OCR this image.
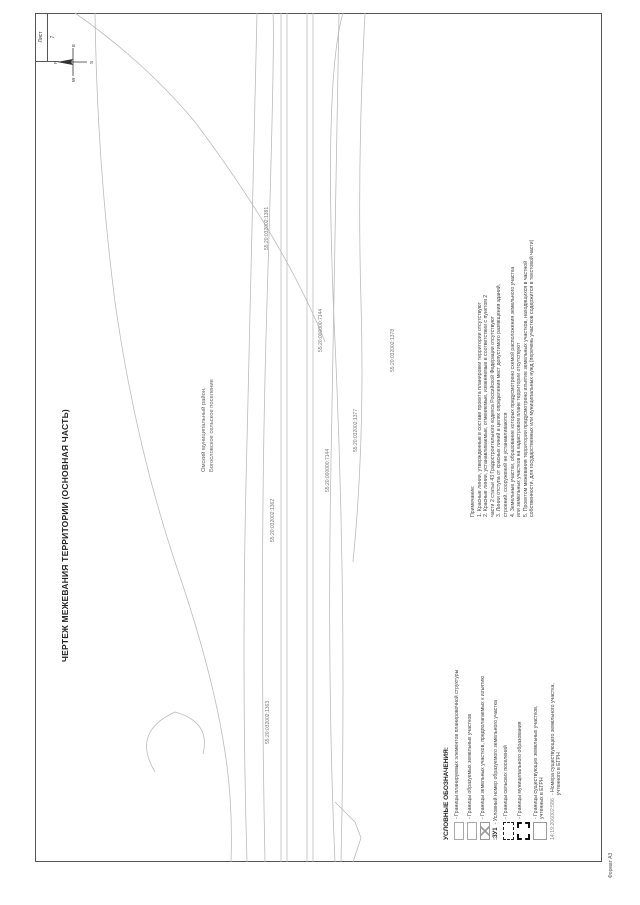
ЧЕРТЕЖ МЕЖЕВАНИЯ ТЕРРИТОРИИ (ОСНОВНАЯ ЧАСТЬ)
N	S
E
W
Лист	7
55:20:032002:1381
55:20:000000:7144	55:20:032002:1378
55:20:032002:1377
55:20:000000:7144
55:20:032002:1362
55:20:032002:1363
Омский муниципальный район, Богословское сельское поселение
УСЛОВНЫЕ ОБОЗНАЧЕНИЯ: - Границы планируемых элементов планировочной структуры - Границы образуемых земельных участков - Границы земельных участков, предполагаемых к изъятию
:ЗУ1
- Условный номер образуемого земельного участка - Границы сельских поселений - Границы муниципального образования - Границы существующих земельных участков,
учтенных в ЕГРН 14:19:206002:586
- Номера существующего земельного участка,
учтенного в ЕГРН
Примечание: 1. Красные линии, утвержденные в составе проекта планировки территории отсутствуют 2. Красные линии, устанавливаемые, отменяемые, изменяемые в соответствии с пунктом 2 части 2 статьи 43 Градостроительного кодекса Российской Федерации отсутствуют 3. Линии отступа от красных линий в целях определения мест допустимого размещения зданий, строений, сооружений не устанавливаются 4. Земельные участки, образование которых предусмотрено схемой расположения земельного участка или земельных участков на кадастровом плане территории отсутствуют 5. Проектом межевания территории предусмотрено изъятие земельных участков, находящихся в частной собственности, для государственных или муниципальных нужд (перечень участков содержится в текстовой части)
Формат А3
